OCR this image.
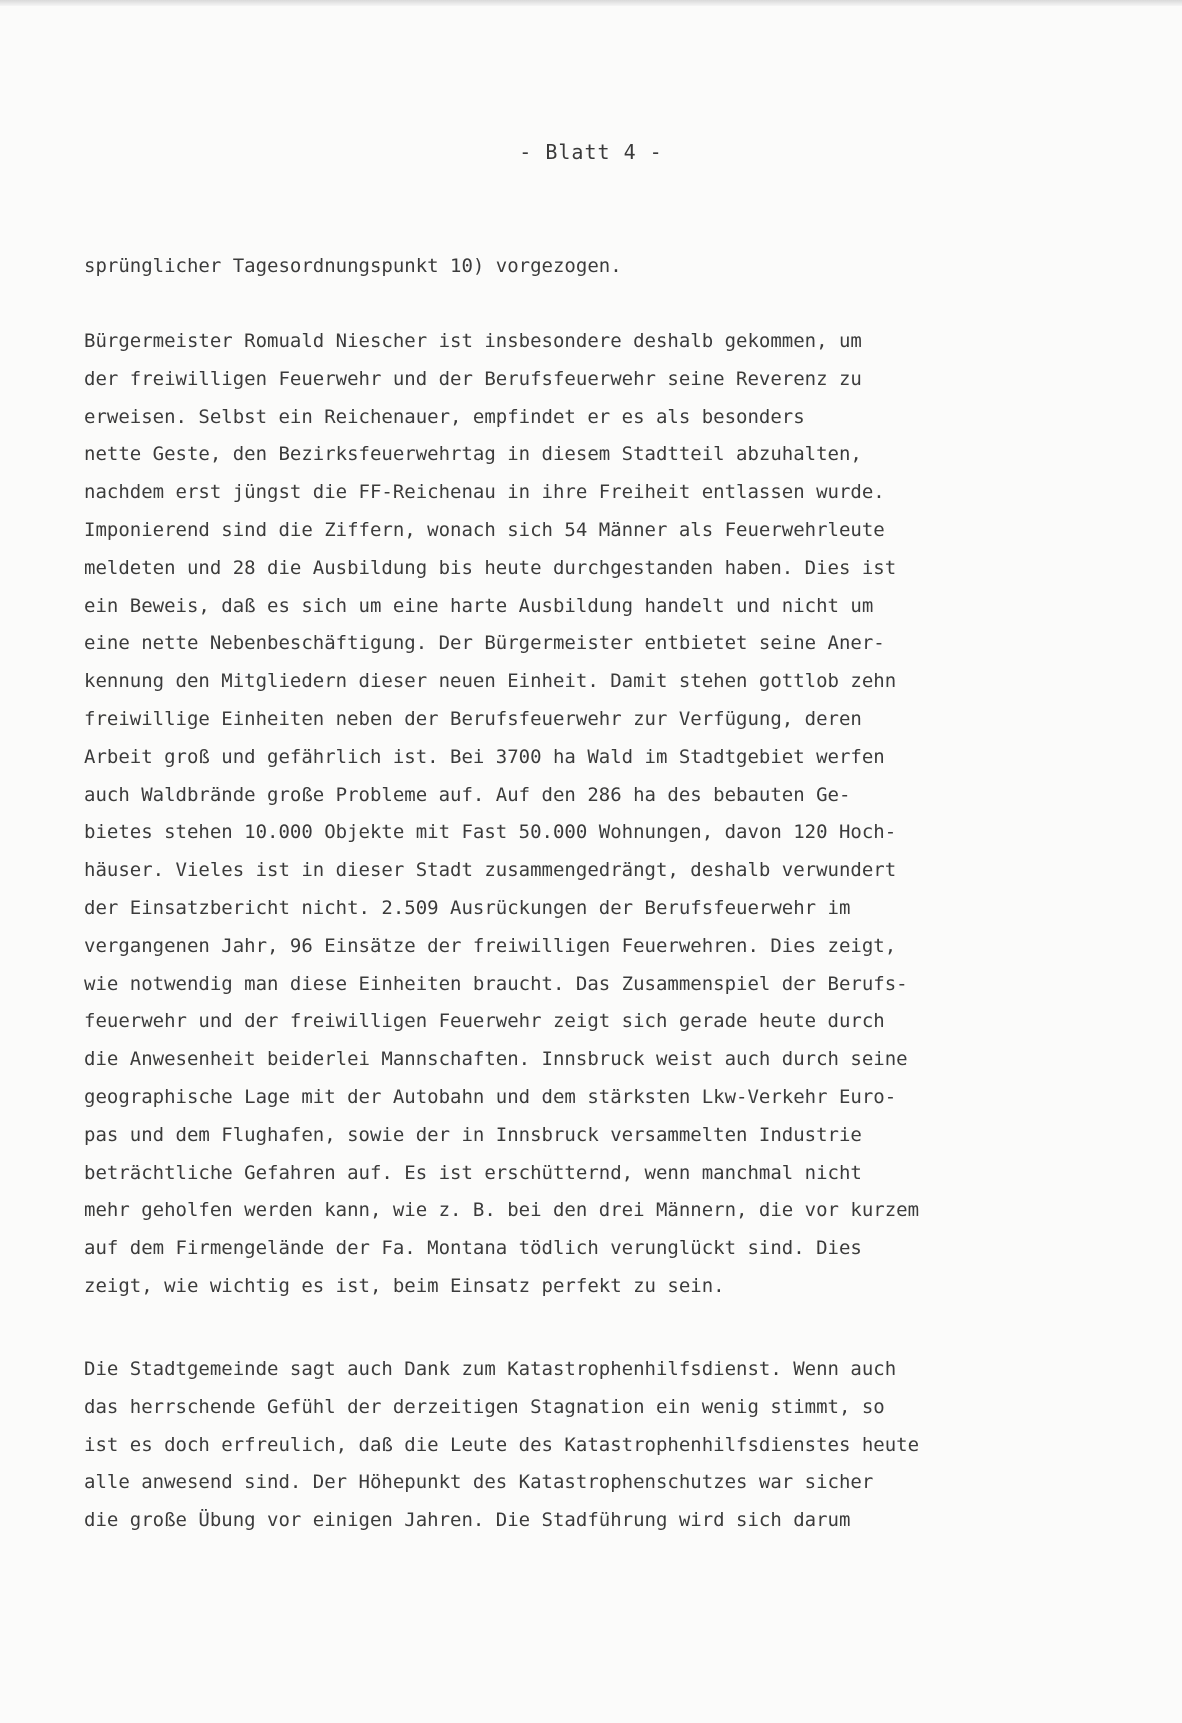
- Blatt 4 -
sprünglicher Tagesordnungspunkt 10) vorgezogen.
Bürgermeister Romuald Niescher ist insbesondere deshalb gekommen, um
der freiwilligen Feuerwehr und der Berufsfeuerwehr seine Reverenz zu
erweisen. Selbst ein Reichenauer, empfindet er es als besonders
nette Geste, den Bezirksfeuerwehrtag in diesem Stadtteil abzuhalten,
nachdem erst jüngst die FF-Reichenau in ihre Freiheit entlassen wurde.
Imponierend sind die Ziffern, wonach sich 54 Männer als Feuerwehrleute
meldeten und 28 die Ausbildung bis heute durchgestanden haben. Dies ist
ein Beweis, daß es sich um eine harte Ausbildung handelt und nicht um
eine nette Nebenbeschäftigung. Der Bürgermeister entbietet seine Aner-
kennung den Mitgliedern dieser neuen Einheit. Damit stehen gottlob zehn
freiwillige Einheiten neben der Berufsfeuerwehr zur Verfügung, deren
Arbeit groß und gefährlich ist. Bei 3700 ha Wald im Stadtgebiet werfen
auch Waldbrände große Probleme auf. Auf den 286 ha des bebauten Ge-
bietes stehen 10.000 Objekte mit Fast 50.000 Wohnungen, davon 120 Hoch-
häuser. Vieles ist in dieser Stadt zusammengedrängt, deshalb verwundert
der Einsatzbericht nicht. 2.509 Ausrückungen der Berufsfeuerwehr im
vergangenen Jahr, 96 Einsätze der freiwilligen Feuerwehren. Dies zeigt,
wie notwendig man diese Einheiten braucht. Das Zusammenspiel der Berufs-
feuerwehr und der freiwilligen Feuerwehr zeigt sich gerade heute durch
die Anwesenheit beiderlei Mannschaften. Innsbruck weist auch durch seine
geographische Lage mit der Autobahn und dem stärksten Lkw-Verkehr Euro-
pas und dem Flughafen, sowie der in Innsbruck versammelten Industrie
beträchtliche Gefahren auf. Es ist erschütternd, wenn manchmal nicht
mehr geholfen werden kann, wie z. B. bei den drei Männern, die vor kurzem
auf dem Firmengelände der Fa. Montana tödlich verunglückt sind. Dies
zeigt, wie wichtig es ist, beim Einsatz perfekt zu sein.
Die Stadtgemeinde sagt auch Dank zum Katastrophenhilfsdienst. Wenn auch
das herrschende Gefühl der derzeitigen Stagnation ein wenig stimmt, so
ist es doch erfreulich, daß die Leute des Katastrophenhilfsdienstes heute
alle anwesend sind. Der Höhepunkt des Katastrophenschutzes war sicher
die große Übung vor einigen Jahren. Die Stadführung wird sich darum
